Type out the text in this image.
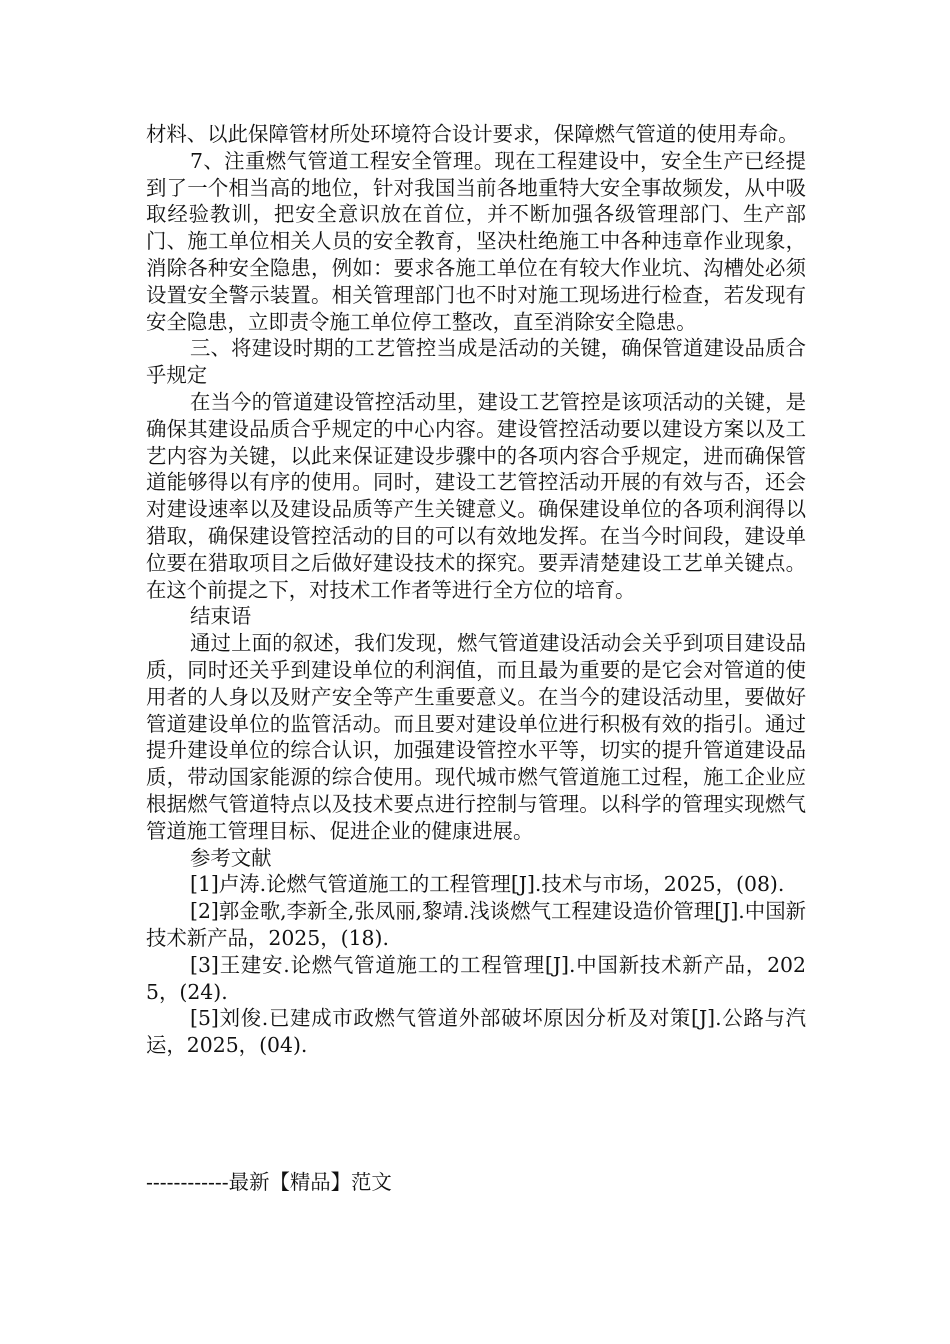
材料、以此保障管材所处环境符合设计要求，保障燃气管道的使用寿命。

7、注重燃气管道工程安全管理。现在工程建设中，安全生产已经提到了一个相当高的地位，针对我国当前各地重特大安全事故频发，从中吸取经验教训，把安全意识放在首位，并不断加强各级管理部门、生产部门、施工单位相关人员的安全教育，坚决杜绝施工中各种违章作业现象，消除各种安全隐患，例如：要求各施工单位在有较大作业坑、沟槽处必须设置安全警示装置。相关管理部门也不时对施工现场进行检查，若发现有安全隐患，立即责令施工单位停工整改，直至消除安全隐患。

三、将建设时期的工艺管控当成是活动的关键，确保管道建设品质合乎规定

在当今的管道建设管控活动里，建设工艺管控是该项活动的关键，是确保其建设品质合乎规定的中心内容。建设管控活动要以建设方案以及工艺内容为关键，以此来保证建设步骤中的各项内容合乎规定，进而确保管道能够得以有序的使用。同时，建设工艺管控活动开展的有效与否，还会对建设速率以及建设品质等产生关键意义。确保建设单位的各项利润得以猎取，确保建设管控活动的目的可以有效地发挥。在当今时间段，建设单位要在猎取项目之后做好建设技术的探究。要弄清楚建设工艺单关键点。在这个前提之下，对技术工作者等进行全方位的培育。

结束语

通过上面的叙述，我们发现，燃气管道建设活动会关乎到项目建设品质，同时还关乎到建设单位的利润值，而且最为重要的是它会对管道的使用者的人身以及财产安全等产生重要意义。在当今的建设活动里，要做好管道建设单位的监管活动。而且要对建设单位进行积极有效的指引。通过提升建设单位的综合认识，加强建设管控水平等，切实的提升管道建设品质，带动国家能源的综合使用。现代城市燃气管道施工过程，施工企业应根据燃气管道特点以及技术要点进行控制与管理。以科学的管理实现燃气管道施工管理目标、促进企业的健康进展。

参考文献

[1]卢涛.论燃气管道施工的工程管理[J].技术与市场，2025，(08).

[2]郭金歌,李新全,张凤丽,黎靖.浅谈燃气工程建设造价管理[J].中国新技术新产品，2025，(18).

[3]王建安.论燃气管道施工的工程管理[J].中国新技术新产品，2025，(24).

[5]刘俊.已建成市政燃气管道外部破坏原因分析及对策[J].公路与汽运，2025，(04).

------------最新【精品】范文
